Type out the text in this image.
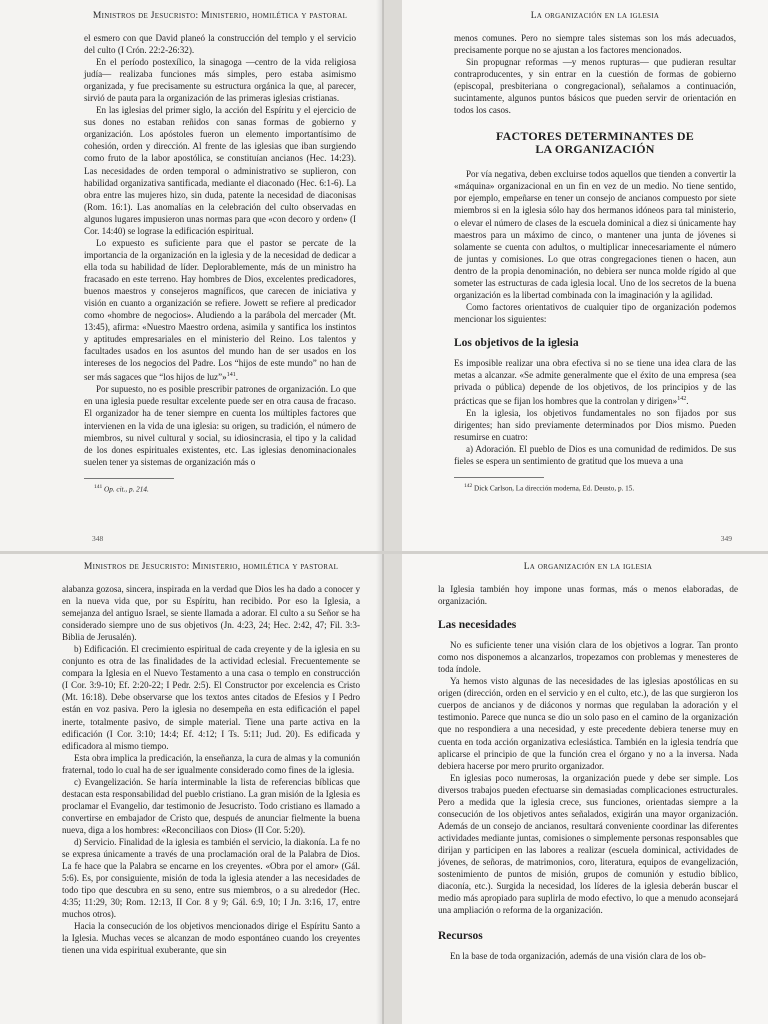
Ministros de Jesucristo: Ministerio, homilética y pastoral

el esmero con que David planeó la construcción del templo y el servicio del culto (I Crón. 22:2-26:32).

En el período postexílico, la sinagoga —centro de la vida religiosa judía— realizaba funciones más simples, pero estaba asimismo organizada, y fue precisamente su estructura orgánica la que, al parecer, sirvió de pauta para la organización de las primeras iglesias cristianas.

En las iglesias del primer siglo, la acción del Espíritu y el ejercicio de sus dones no estaban reñidos con sanas formas de gobierno y organización. Los apóstoles fueron un elemento importantísimo de cohesión, orden y dirección. Al frente de las iglesias que iban surgiendo como fruto de la labor apostólica, se constituían ancianos (Hec. 14:23). Las necesidades de orden temporal o administrativo se suplieron, con habilidad organizativa santificada, mediante el diaconado (Hec. 6:1-6). La obra entre las mujeres hizo, sin duda, patente la necesidad de diaconisas (Rom. 16:1). Las anomalías en la celebración del culto observadas en algunos lugares impusieron unas normas para que «con decoro y orden» (I Cor. 14:40) se lograse la edificación espiritual.

Lo expuesto es suficiente para que el pastor se percate de la importancia de la organización en la iglesia y de la necesidad de dedicar a ella toda su habilidad de líder. Deplorablemente, más de un ministro ha fracasado en este terreno. Hay hombres de Dios, excelentes predicadores, buenos maestros y consejeros magníficos, que carecen de iniciativa y visión en cuanto a organización se refiere. Jowett se refiere al predicador como «hombre de negocios». Aludiendo a la parábola del mercader (Mt. 13:45), afirma: «Nuestro Maestro ordena, asimila y santifica los instintos y aptitudes empresariales en el ministerio del Reino. Los talentos y facultades usados en los asuntos del mundo han de ser usados en los intereses de los negocios del Padre. Los “hijos de este mundo” no han de ser más sagaces que “los hijos de luz”»$^{141}$.

Por supuesto, no es posible prescribir patrones de organización. Lo que en una iglesia puede resultar excelente puede ser en otra causa de fracaso. El organizador ha de tener siempre en cuenta los múltiples factores que intervienen en la vida de una iglesia: su origen, su tradición, el número de miembros, su nivel cultural y social, su idiosincrasia, el tipo y la calidad de los dones espirituales existentes, etc. Las iglesias denominacionales suelen tener ya sistemas de organización más o

$^{141}$ Op. cit., p. 214.
348
La organización en la iglesia

menos comunes. Pero no siempre tales sistemas son los más adecuados, precisamente porque no se ajustan a los factores mencionados.

Sin propugnar reformas —y menos rupturas— que pudieran resultar contraproducentes, y sin entrar en la cuestión de formas de gobierno (episcopal, presbiteriana o congregacional), señalamos a continuación, sucintamente, algunos puntos básicos que pueden servir de orientación en todos los casos.

FACTORES DETERMINANTES DE
LA ORGANIZACIÓN

Por vía negativa, deben excluirse todos aquellos que tienden a convertir la «máquina» organizacional en un fin en vez de un medio. No tiene sentido, por ejemplo, empeñarse en tener un consejo de ancianos compuesto por siete miembros si en la iglesia sólo hay dos hermanos idóneos para tal ministerio, o elevar el número de clases de la escuela dominical a diez si únicamente hay maestros para un máximo de cinco, o mantener una junta de jóvenes si solamente se cuenta con adultos, o multiplicar innecesariamente el número de juntas y comisiones. Lo que otras congregaciones tienen o hacen, aun dentro de la propia denominación, no debiera ser nunca molde rígido al que someter las estructuras de cada iglesia local. Uno de los secretos de la buena organización es la libertad combinada con la imaginación y la agilidad.

Como factores orientativos de cualquier tipo de organización podemos mencionar los siguientes:

Los objetivos de la iglesia

Es imposible realizar una obra efectiva si no se tiene una idea clara de las metas a alcanzar. «Se admite generalmente que el éxito de una empresa (sea privada o pública) depende de los objetivos, de los principios y de las prácticas que se fijan los hombres que la controlan y dirigen»$^{142}$.

En la iglesia, los objetivos fundamentales no son fijados por sus dirigentes; han sido previamente determinados por Dios mismo. Pueden resumirse en cuatro:

a) Adoración. El pueblo de Dios es una comunidad de redimidos. De sus fieles se espera un sentimiento de gratitud que los mueva a una

$^{142}$ Dick Carlson, La dirección moderna, Ed. Deusto, p. 15.
349
Ministros de Jesucristo: Ministerio, homilética y pastoral

alabanza gozosa, sincera, inspirada en la verdad que Dios les ha dado a conocer y en la nueva vida que, por su Espíritu, han recibido. Por eso la Iglesia, a semejanza del antiguo Israel, se siente llamada a adorar. El culto a su Señor se ha considerado siempre uno de sus objetivos (Jn. 4:23, 24; Hec. 2:42, 47; Fil. 3:3-Biblia de Jerusalén).

b) Edificación. El crecimiento espiritual de cada creyente y de la iglesia en su conjunto es otra de las finalidades de la actividad eclesial. Frecuentemente se compara la Iglesia en el Nuevo Testamento a una casa o templo en construcción (I Cor. 3:9-10; Ef. 2:20-22; I Pedr. 2:5). El Constructor por excelencia es Cristo (Mt. 16:18). Debe observarse que los textos antes citados de Efesios y I Pedro están en voz pasiva. Pero la iglesia no desempeña en esta edificación el papel inerte, totalmente pasivo, de simple material. Tiene una parte activa en la edificación (I Cor. 3:10; 14:4; Ef. 4:12; I Ts. 5:11; Jud. 20). Es edificada y edificadora al mismo tiempo.

Esta obra implica la predicación, la enseñanza, la cura de almas y la comunión fraternal, todo lo cual ha de ser igualmente considerado como fines de la iglesia.

c) Evangelización. Se haría interminable la lista de referencias bíblicas que destacan esta responsabilidad del pueblo cristiano. La gran misión de la Iglesia es proclamar el Evangelio, dar testimonio de Jesucristo. Todo cristiano es llamado a convertirse en embajador de Cristo que, después de anunciar fielmente la buena nueva, diga a los hombres: «Reconciliaos con Dios» (II Cor. 5:20).

d) Servicio. Finalidad de la iglesia es también el servicio, la diakonía. La fe no se expresa únicamente a través de una proclamación oral de la Palabra de Dios. La fe hace que la Palabra se encarne en los creyentes. «Obra por el amor» (Gál. 5:6). Es, por consiguiente, misión de toda la iglesia atender a las necesidades de todo tipo que descubra en su seno, entre sus miembros, o a su alrededor (Hec. 4:35; 11:29, 30; Rom. 12:13, II Cor. 8 y 9; Gál. 6:9, 10; I Jn. 3:16, 17, entre muchos otros).

Hacia la consecución de los objetivos mencionados dirige el Espíritu Santo a la Iglesia. Muchas veces se alcanzan de modo espontáneo cuando los creyentes tienen una vida espiritual exuberante, que sin

La organización en la iglesia

la Iglesia también hoy impone unas formas, más o menos elaboradas, de organización.

Las necesidades

No es suficiente tener una visión clara de los objetivos a lograr. Tan pronto como nos disponemos a alcanzarlos, tropezamos con problemas y menesteres de toda índole.

Ya hemos visto algunas de las necesidades de las iglesias apostólicas en su origen (dirección, orden en el servicio y en el culto, etc.), de las que surgieron los cuerpos de ancianos y de diáconos y normas que regulaban la adoración y el testimonio. Parece que nunca se dio un solo paso en el camino de la organización que no respondiera a una necesidad, y este precedente debiera tenerse muy en cuenta en toda acción organizativa eclesiástica. También en la iglesia tendría que aplicarse el principio de que la función crea el órgano y no a la inversa. Nada debiera hacerse por mero prurito organizador.

En iglesias poco numerosas, la organización puede y debe ser simple. Los diversos trabajos pueden efectuarse sin demasiadas complicaciones estructurales. Pero a medida que la iglesia crece, sus funciones, orientadas siempre a la consecución de los objetivos antes señalados, exigirán una mayor organización. Además de un consejo de ancianos, resultará conveniente coordinar las diferentes actividades mediante juntas, comisiones o simplemente personas responsables que dirijan y participen en las labores a realizar (escuela dominical, actividades de jóvenes, de señoras, de matrimonios, coro, literatura, equipos de evangelización, sostenimiento de puntos de misión, grupos de comunión y estudio bíblico, diaconía, etc.). Surgida la necesidad, los líderes de la iglesia deberán buscar el medio más apropiado para suplirla de modo efectivo, lo que a menudo aconsejará una ampliación o reforma de la organización.

Recursos

En la base de toda organización, además de una visión clara de los ob-
